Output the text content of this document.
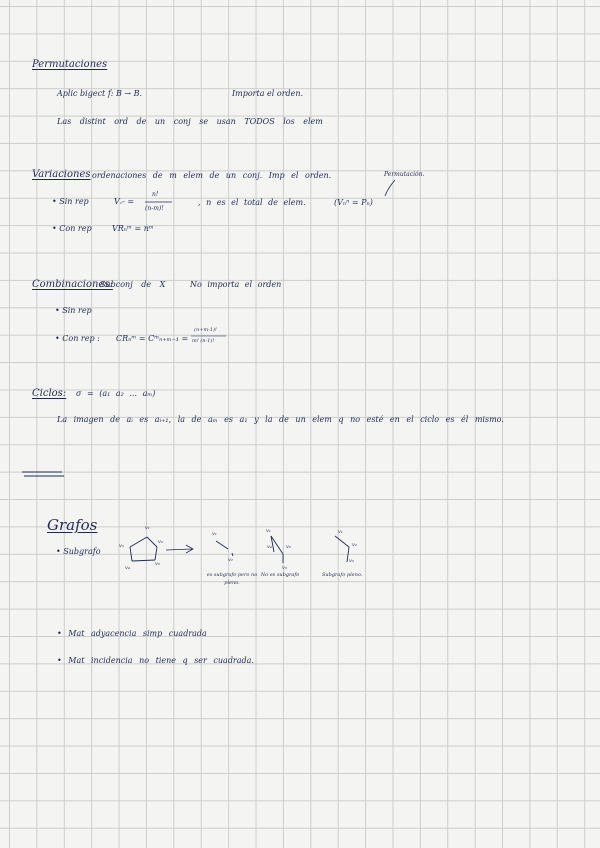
Permutaciones
Aplic bigect f: B → B.	Importa el orden.
Las distint ord de un conj se usan TODOS los elem
Variaciones ordenaciones de m elem de un conj. Imp el orden.	Permutación.
• Sin rep	Vₙᵐ =
n!
(n-m)!
, n es el total de elem.	(Vₙⁿ = Pₙ)
• Con rep	VRₙᵐ = nᵐ
Combinaciones:
Subconj de X	No importa el orden
• Sin rep
• Con rep : CRₙᵐ = Cᵐₙ₊ₘ₋₁ =
(n+m-1)!
m! (n-1)!
Ciclos: σ = (a₁ a₂ ... aₘ)
La imagen de aᵢ es aᵢ₊₁, la de aₘ es a₁ y la de un elem q no esté en el ciclo es él mismo.
Grafos
• Subgrafo
v₁
v₂
v₃
v₄
v₅
es subgrafo pero no pleno.
No es subgrafo	Subgrafo pleno.
• Mat adyacencia simp cuadrada
• Mat incidencia no tiene q ser cuadrada.
v₁
v₂
v₁
v₄	v₂
v₃
v₁
v₂
v₃
